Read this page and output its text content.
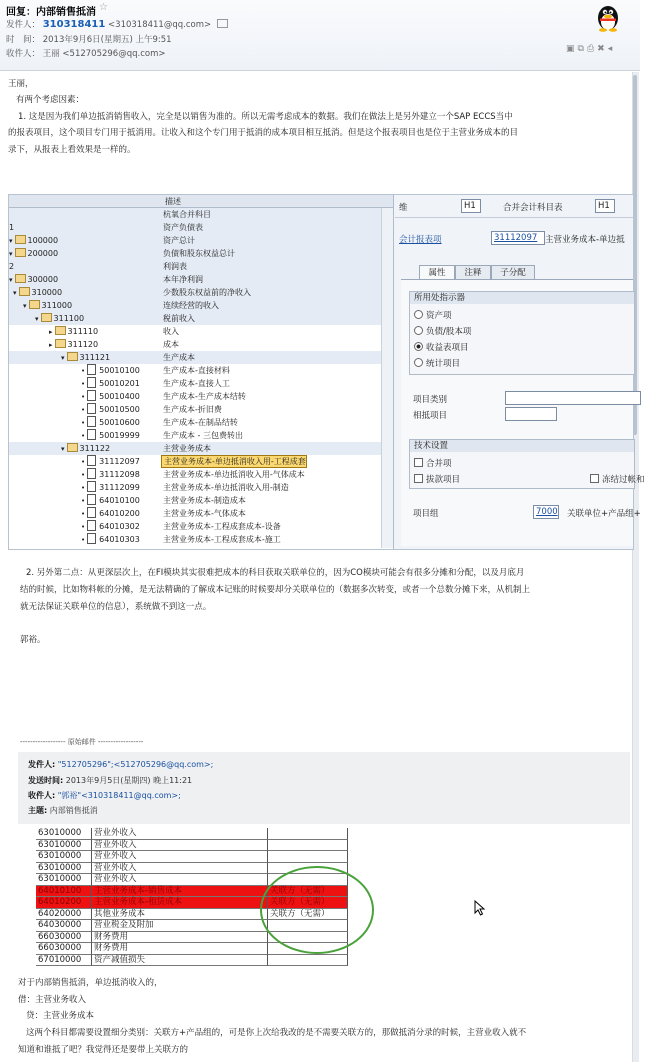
回复：内部销售抵消 ☆
发件人： 310318411 <310318411@qq.com>
时　间： 2013年9月6日(星期五) 上午9:51
收件人： 王丽 <512705296@qq.com>	▣⧉⎙✖◂
王丽，
有两个考虑因素：
1. 这是因为我们单边抵消销售收入，完全是以销售为准的。所以无需考虑成本的数据。我们在做法上是另外建立一个SAP ECCS当中
的报表项目，这个项目专门用于抵消用。让收入和这个专门用于抵消的成本项目相互抵消。但是这个报表项目也是位于主营业务成本的目
录下，从报表上看效果是一样的。
描述
杭氧合并科目
1	资产负债表
▾ 100000	资产总计
▾ 200000	负债和股东权益总计
2	利润表
▾ 300000	本年净利润
▾ 310000	少数股东权益前的净收入
▾ 311000	连续经营的收入
▾ 311100	税前收入
▸ 311110	收入
▸ 311120	成本
▾ 311121	生产成本
• 50010100	生产成本-直接材料
• 50010201	生产成本-直接人工
• 50010400	生产成本-生产成本结转
• 50010500	生产成本-折旧费
• 50010600	生产成本-在制品结转
• 50019999	生产成本 - 三包费转出
▾ 311122	主营业务成本
• 31112097	主营业务成本-单边抵消收入用-工程成套
• 31112098	主营业务成本-单边抵消收入用-气体成本
• 31112099	主营业务成本-单边抵消收入用-制造
• 64010100	主营业务成本-制造成本
• 64010200	主营业务成本-气体成本
• 64010302	主营业务成本-工程成套成本-设备
• 64010303	主营业务成本-工程成套成本-施工
维	H1	合并会计科目表	H1
会计报表项	31112097 主营业务成本-单边抵
属性	注释	子分配
所用处指示器
资产项
负债/股本项
收益表项目
统计项目
项目类别
相抵项目
技术设置
合并项
拔款项目	冻结过帐和
项目组	7000 关联单位+产品组+
2. 另外第二点：从更深层次上，在FI模块其实很难把成本的科目获取关联单位的，因为CO模块可能会有很多分摊和分配，以及月底月
结的时候，比如物料帐的分摊，是无法精确的了解成本记账的时候要却分关联单位的（数据多次转变，或者一个总数分摊下来，从机制上
就无法保证关联单位的信息），系统做不到这一点。
郭裕。
------------------ 原始邮件 ------------------
发件人: "512705296";<512705296@qq.com>;
发送时间: 2013年9月5日(星期四) 晚上11:21
收件人: "郭裕"<310318411@qq.com>;
主题: 内部销售抵消
63010000	营业外收入
63010000	营业外收入
63010000	营业外收入
63010000	营业外收入
63010000	营业外收入
64010100	主营业务成本-销售成本	关联方（无需）
64010200	主营业务成本-租赁成本	关联方（无需）
64020000	其他业务成本	关联方（无需）
64030000	营业税金及附加
66030000	财务费用
66030000	财务费用
67010000	资产减值损失
对于内部销售抵消，单边抵消收入的，
借：主营业务收入
贷：主营业务成本
这两个科目都需要设置细分类别：关联方+产品组的，可是你上次给我改的是不需要关联方的，那做抵消分录的时候，主营业收入就不
知道和谁抵了吧？我觉得还是要带上关联方的
